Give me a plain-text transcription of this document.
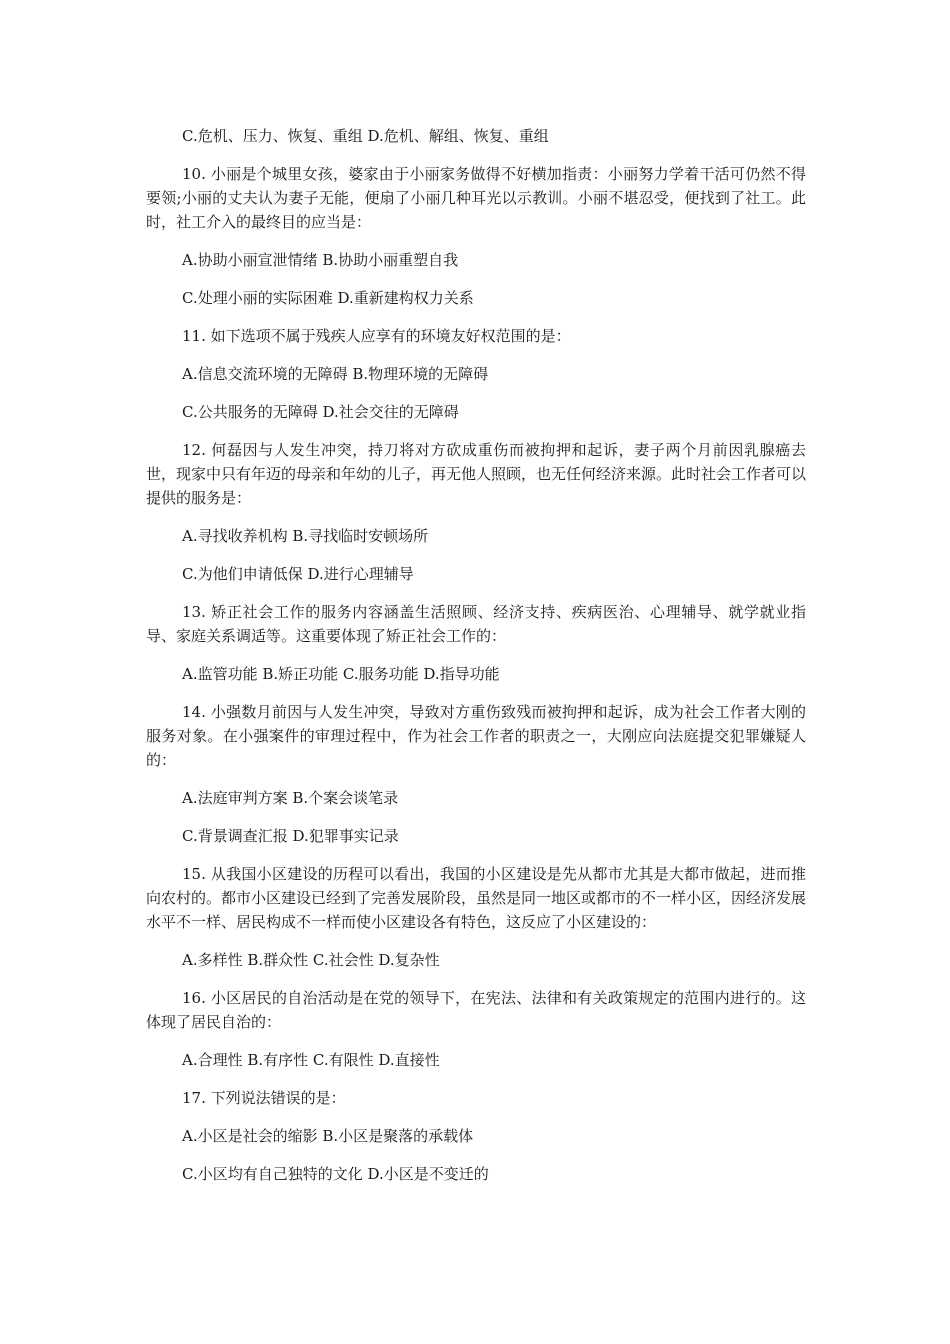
C.危机、压力、恢复、重组 D.危机、解组、恢复、重组

10. 小丽是个城里女孩，婆家由于小丽家务做得不好横加指责：小丽努力学着干活可仍然不得要领;小丽的丈夫认为妻子无能，便扇了小丽几种耳光以示教训。小丽不堪忍受，便找到了社工。此时，社工介入的最终目的应当是：

A.协助小丽宣泄情绪 B.协助小丽重塑自我

C.处理小丽的实际困难 D.重新建构权力关系

11. 如下选项不属于残疾人应享有的环境友好权范围的是：

A.信息交流环境的无障碍 B.物理环境的无障碍

C.公共服务的无障碍 D.社会交往的无障碍

12. 何磊因与人发生冲突，持刀将对方砍成重伤而被拘押和起诉，妻子两个月前因乳腺癌去世，现家中只有年迈的母亲和年幼的儿子，再无他人照顾，也无任何经济来源。此时社会工作者可以提供的服务是：

A.寻找收养机构 B.寻找临时安顿场所

C.为他们申请低保 D.进行心理辅导

13. 矫正社会工作的服务内容涵盖生活照顾、经济支持、疾病医治、心理辅导、就学就业指导、家庭关系调适等。这重要体现了矫正社会工作的：

A.监管功能 B.矫正功能 C.服务功能 D.指导功能

14. 小强数月前因与人发生冲突，导致对方重伤致残而被拘押和起诉，成为社会工作者大刚的服务对象。在小强案件的审理过程中，作为社会工作者的职责之一，大刚应向法庭提交犯罪嫌疑人的：

A.法庭审判方案 B.个案会谈笔录

C.背景调查汇报 D.犯罪事实记录

15. 从我国小区建设的历程可以看出，我国的小区建设是先从都市尤其是大都市做起，进而推向农村的。都市小区建设已经到了完善发展阶段，虽然是同一地区或都市的不一样小区，因经济发展水平不一样、居民构成不一样而使小区建设各有特色，这反应了小区建设的：

A.多样性 B.群众性 C.社会性 D.复杂性

16. 小区居民的自治活动是在党的领导下，在宪法、法律和有关政策规定的范围内进行的。这体现了居民自治的：

A.合理性 B.有序性 C.有限性 D.直接性

17. 下列说法错误的是：

A.小区是社会的缩影 B.小区是聚落的承载体

C.小区均有自己独特的文化 D.小区是不变迁的
